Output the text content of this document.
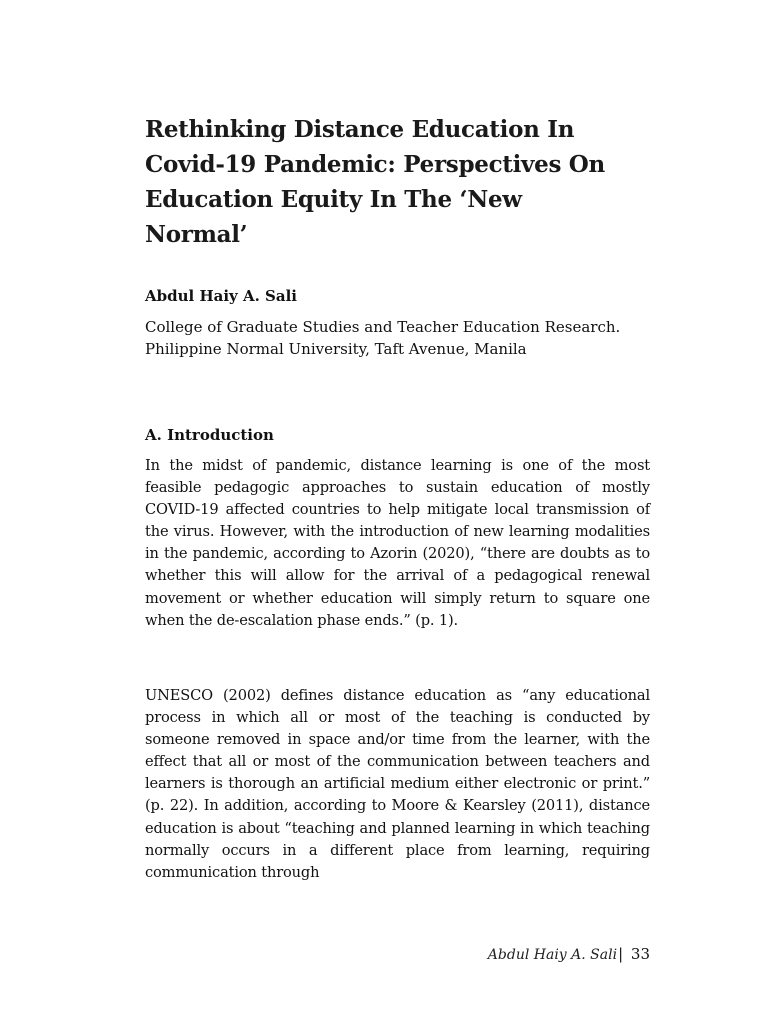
Rethinking Distance Education In Covid-19 Pandemic: Perspectives On Education Equity In The ‘New Normal’

Abdul Haiy A. Sali

College of Graduate Studies and Teacher Education Research. Philippine Normal University, Taft Avenue, Manila

A. Introduction

In the midst of pandemic, distance learning is one of the most feasible pedagogic approaches to sustain education of mostly COVID-19 affected countries to help mitigate local transmission of the virus. However, with the introduction of new learning modalities in the pandemic, according to Azorin (2020), “there are doubts as to whether this will allow for the arrival of a pedagogical renewal movement or whether education will simply return to square one when the de-escalation phase ends.” (p. 1).

UNESCO (2002) defines distance education as “any educational process in which all or most of the teaching is conducted by someone removed in space and/or time from the learner, with the effect that all or most of the communication between teachers and learners is thorough an artificial medium either electronic or print.” (p. 22). In addition, according to Moore & Kearsley (2011), distance education is about “teaching and planned learning in which teaching normally occurs in a different place from learning, requiring communication through

Abdul Haiy A. Sali| 33
